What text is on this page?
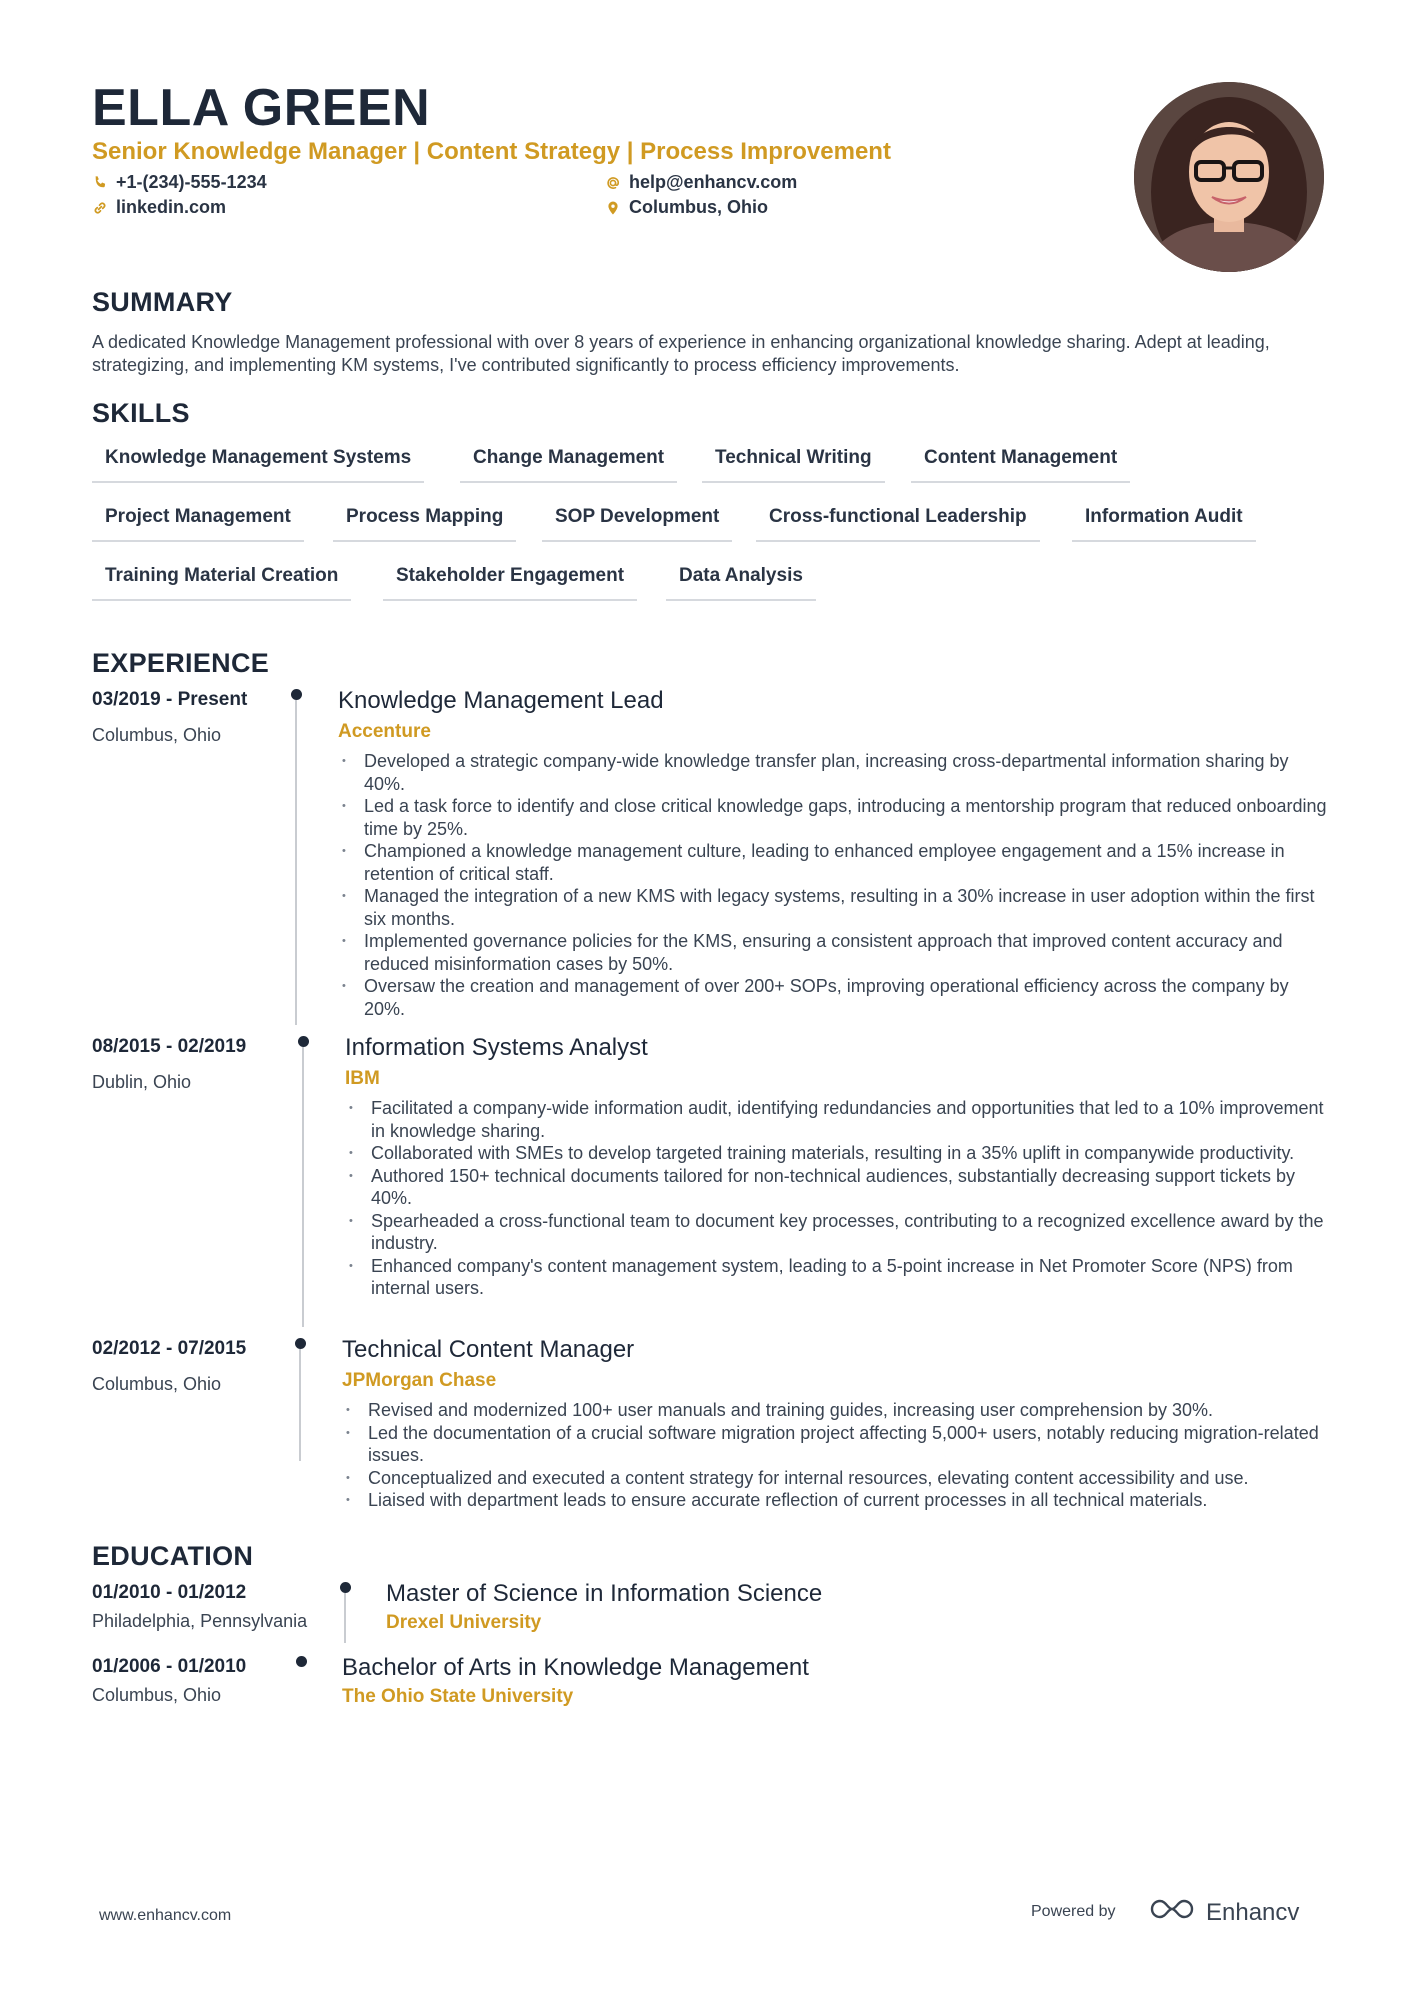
ELLA GREEN
Senior Knowledge Manager | Content Strategy | Process Improvement
+1-(234)-555-1234	help@enhancv.com
linkedin.com	Columbus, Ohio
SUMMARY
A dedicated Knowledge Management professional with over 8 years of experience in enhancing organizational knowledge sharing. Adept at leading, strategizing, and implementing KM systems, I've contributed significantly to process efficiency improvements.
SKILLS
Knowledge Management Systems	Change Management	Technical Writing	Content Management
Project Management	Process Mapping	SOP Development	Cross-functional Leadership	Information Audit
Training Material Creation	Stakeholder Engagement	Data Analysis
EXPERIENCE
03/2019 - Present
Columbus, Ohio
Knowledge Management Lead
Accenture
• Developed a strategic company-wide knowledge transfer plan, increasing cross-departmental information sharing by 40%.
• Led a task force to identify and close critical knowledge gaps, introducing a mentorship program that reduced onboarding time by 25%.
• Championed a knowledge management culture, leading to enhanced employee engagement and a 15% increase in retention of critical staff.
• Managed the integration of a new KMS with legacy systems, resulting in a 30% increase in user adoption within the first six months.
• Implemented governance policies for the KMS, ensuring a consistent approach that improved content accuracy and reduced misinformation cases by 50%.
• Oversaw the creation and management of over 200+ SOPs, improving operational efficiency across the company by 20%.
08/2015 - 02/2019
Dublin, Ohio
Information Systems Analyst
IBM
• Facilitated a company-wide information audit, identifying redundancies and opportunities that led to a 10% improvement in knowledge sharing.
• Collaborated with SMEs to develop targeted training materials, resulting in a 35% uplift in companywide productivity.
• Authored 150+ technical documents tailored for non-technical audiences, substantially decreasing support tickets by 40%.
• Spearheaded a cross-functional team to document key processes, contributing to a recognized excellence award by the industry.
• Enhanced company's content management system, leading to a 5-point increase in Net Promoter Score (NPS) from internal users.
02/2012 - 07/2015
Columbus, Ohio
Technical Content Manager
JPMorgan Chase
• Revised and modernized 100+ user manuals and training guides, increasing user comprehension by 30%.
• Led the documentation of a crucial software migration project affecting 5,000+ users, notably reducing migration-related issues.
• Conceptualized and executed a content strategy for internal resources, elevating content accessibility and use.
• Liaised with department leads to ensure accurate reflection of current processes in all technical materials.
EDUCATION
01/2010 - 01/2012
Philadelphia, Pennsylvania
Master of Science in Information Science
Drexel University
01/2006 - 01/2010
Columbus, Ohio
Bachelor of Arts in Knowledge Management
The Ohio State University
www.enhancv.com	Powered by	Enhancv
